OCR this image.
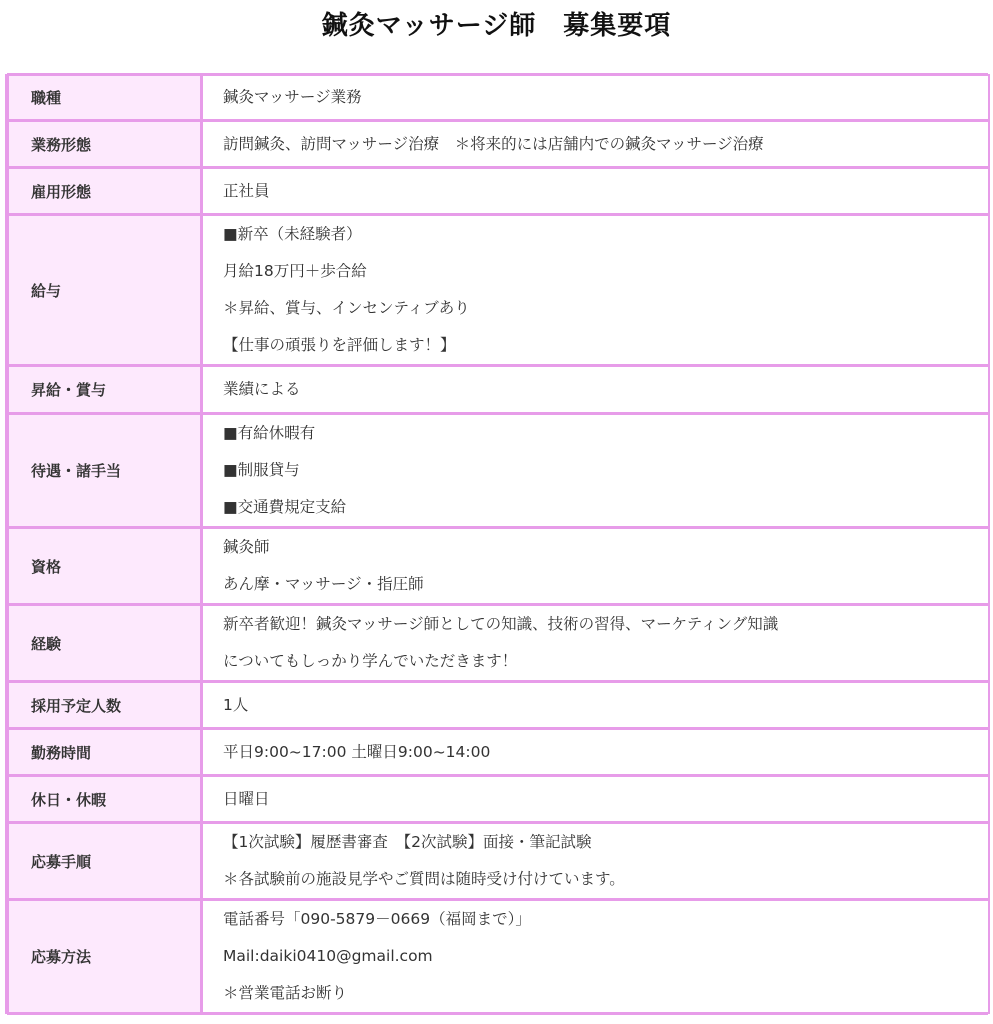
鍼灸マッサージ師　募集要項
職種	鍼灸マッサージ業務

業務形態	訪問鍼灸、訪問マッサージ治療　＊将来的には店舗内での鍼灸マッサージ治療

雇用形態	正社員

給与	■新卒（未経験者）
月給18万円＋歩合給
＊昇給、賞与、インセンティブあり
【仕事の頑張りを評価します！】

昇給・賞与	業績による

待遇・諸手当	■有給休暇有
■制服貸与
■交通費規定支給

資格	鍼灸師
あん摩・マッサージ・指圧師

経験	新卒者歓迎！鍼灸マッサージ師としての知識、技術の習得、マーケティング知識
についてもしっかり学んでいただきます！

採用予定人数	1人

勤務時間	平日9:00~17:00 土曜日9:00~14:00

休日・休暇	日曜日

応募手順	【1次試験】履歴書審査　【2次試験】面接・筆記試験
＊各試験前の施設見学やご質問は随時受け付けています。

応募方法	電話番号「090-5879－0669（福岡まで）」
Mail:daiki0410@gmail.com
＊営業電話お断り
